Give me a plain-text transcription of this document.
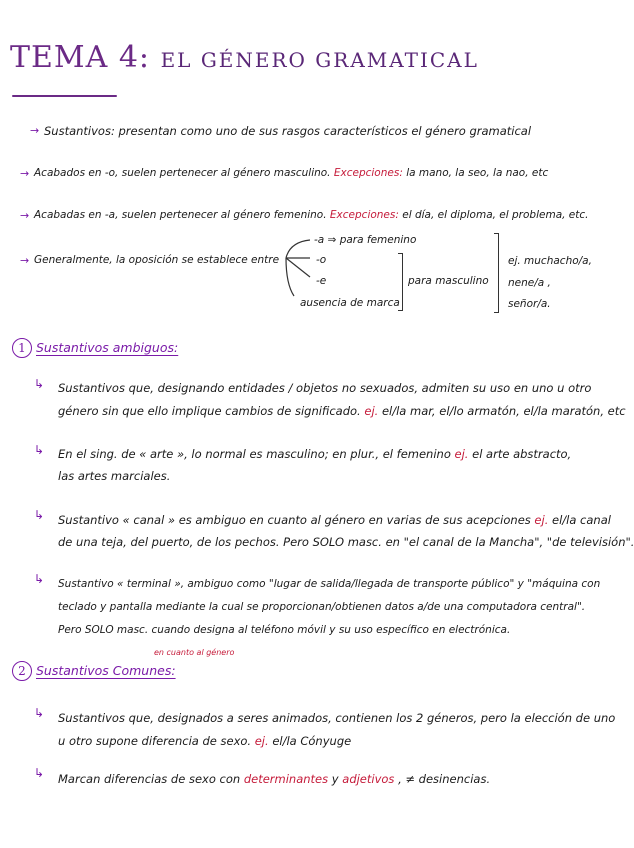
TEMA 4: EL GÉNERO GRAMATICAL
→ Sustantivos: presentan como uno de sus rasgos característicos el género gramatical
→ Acabados en -o, suelen pertenecer al género masculino. Excepciones: la mano, la seo, la nao, etc
→ Acabadas en -a, suelen pertenecer al género femenino. Excepciones: el día, el diploma, el problema, etc.
→ Generalmente, la oposición se establece entre
-a ⇒ para femenino
-o
-e
ausencia de marca
para masculino
ej. muchacho/a,
nene/a ,
señor/a.
1 Sustantivos ambiguos:
↳ Sustantivos que, designando entidades / objetos no sexuados, admiten su uso en uno u otro
género sin que ello implique cambios de significado. ej. el/la mar, el/lo armatón, el/la maratón, etc
↳ En el sing. de « arte », lo normal es masculino; en plur., el femenino ej. el arte abstracto,
las artes marciales.
↳ Sustantivo « canal » es ambiguo en cuanto al género en varias de sus acepciones ej. el/la canal
de una teja, del puerto, de los pechos. Pero SOLO masc. en "el canal de la Mancha", "de televisión".
↳ Sustantivo « terminal », ambiguo como "lugar de salida/llegada de transporte público" y "máquina con
teclado y pantalla mediante la cual se proporcionan/obtienen datos a/de una computadora central".
Pero SOLO masc. cuando designa al teléfono móvil y su uso específico en electrónica.
2 Sustantivos Comunes:
en cuanto al género
↳ Sustantivos que, designados a seres animados, contienen los 2 géneros, pero la elección de uno
u otro supone diferencia de sexo. ej. el/la Cónyuge
↳ Marcan diferencias de sexo con determinantes y adjetivos , ≠ desinencias.
